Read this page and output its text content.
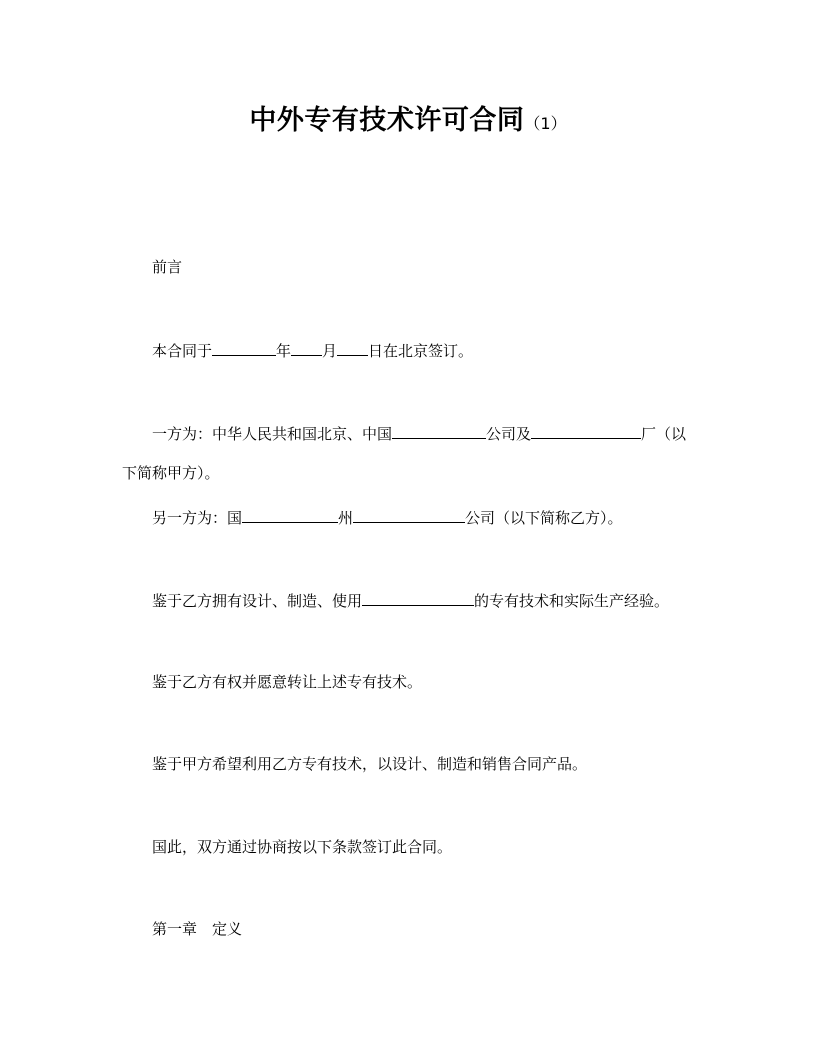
中外专有技术许可合同（1）
前言
本合同于	年 月 日在北京签订。
一方为：中华人民共和国北京、中国	公司及	厂（以
下简称甲方）。
另一方为：国	州	公司（以下简称乙方）。
鉴于乙方拥有设计、制造、使用	的专有技术和实际生产经验。
鉴于乙方有权并愿意转让上述专有技术。
鉴于甲方希望利用乙方专有技术，以设计、制造和销售合同产品。
国此，双方通过协商按以下条款签订此合同。
第一章　定义
